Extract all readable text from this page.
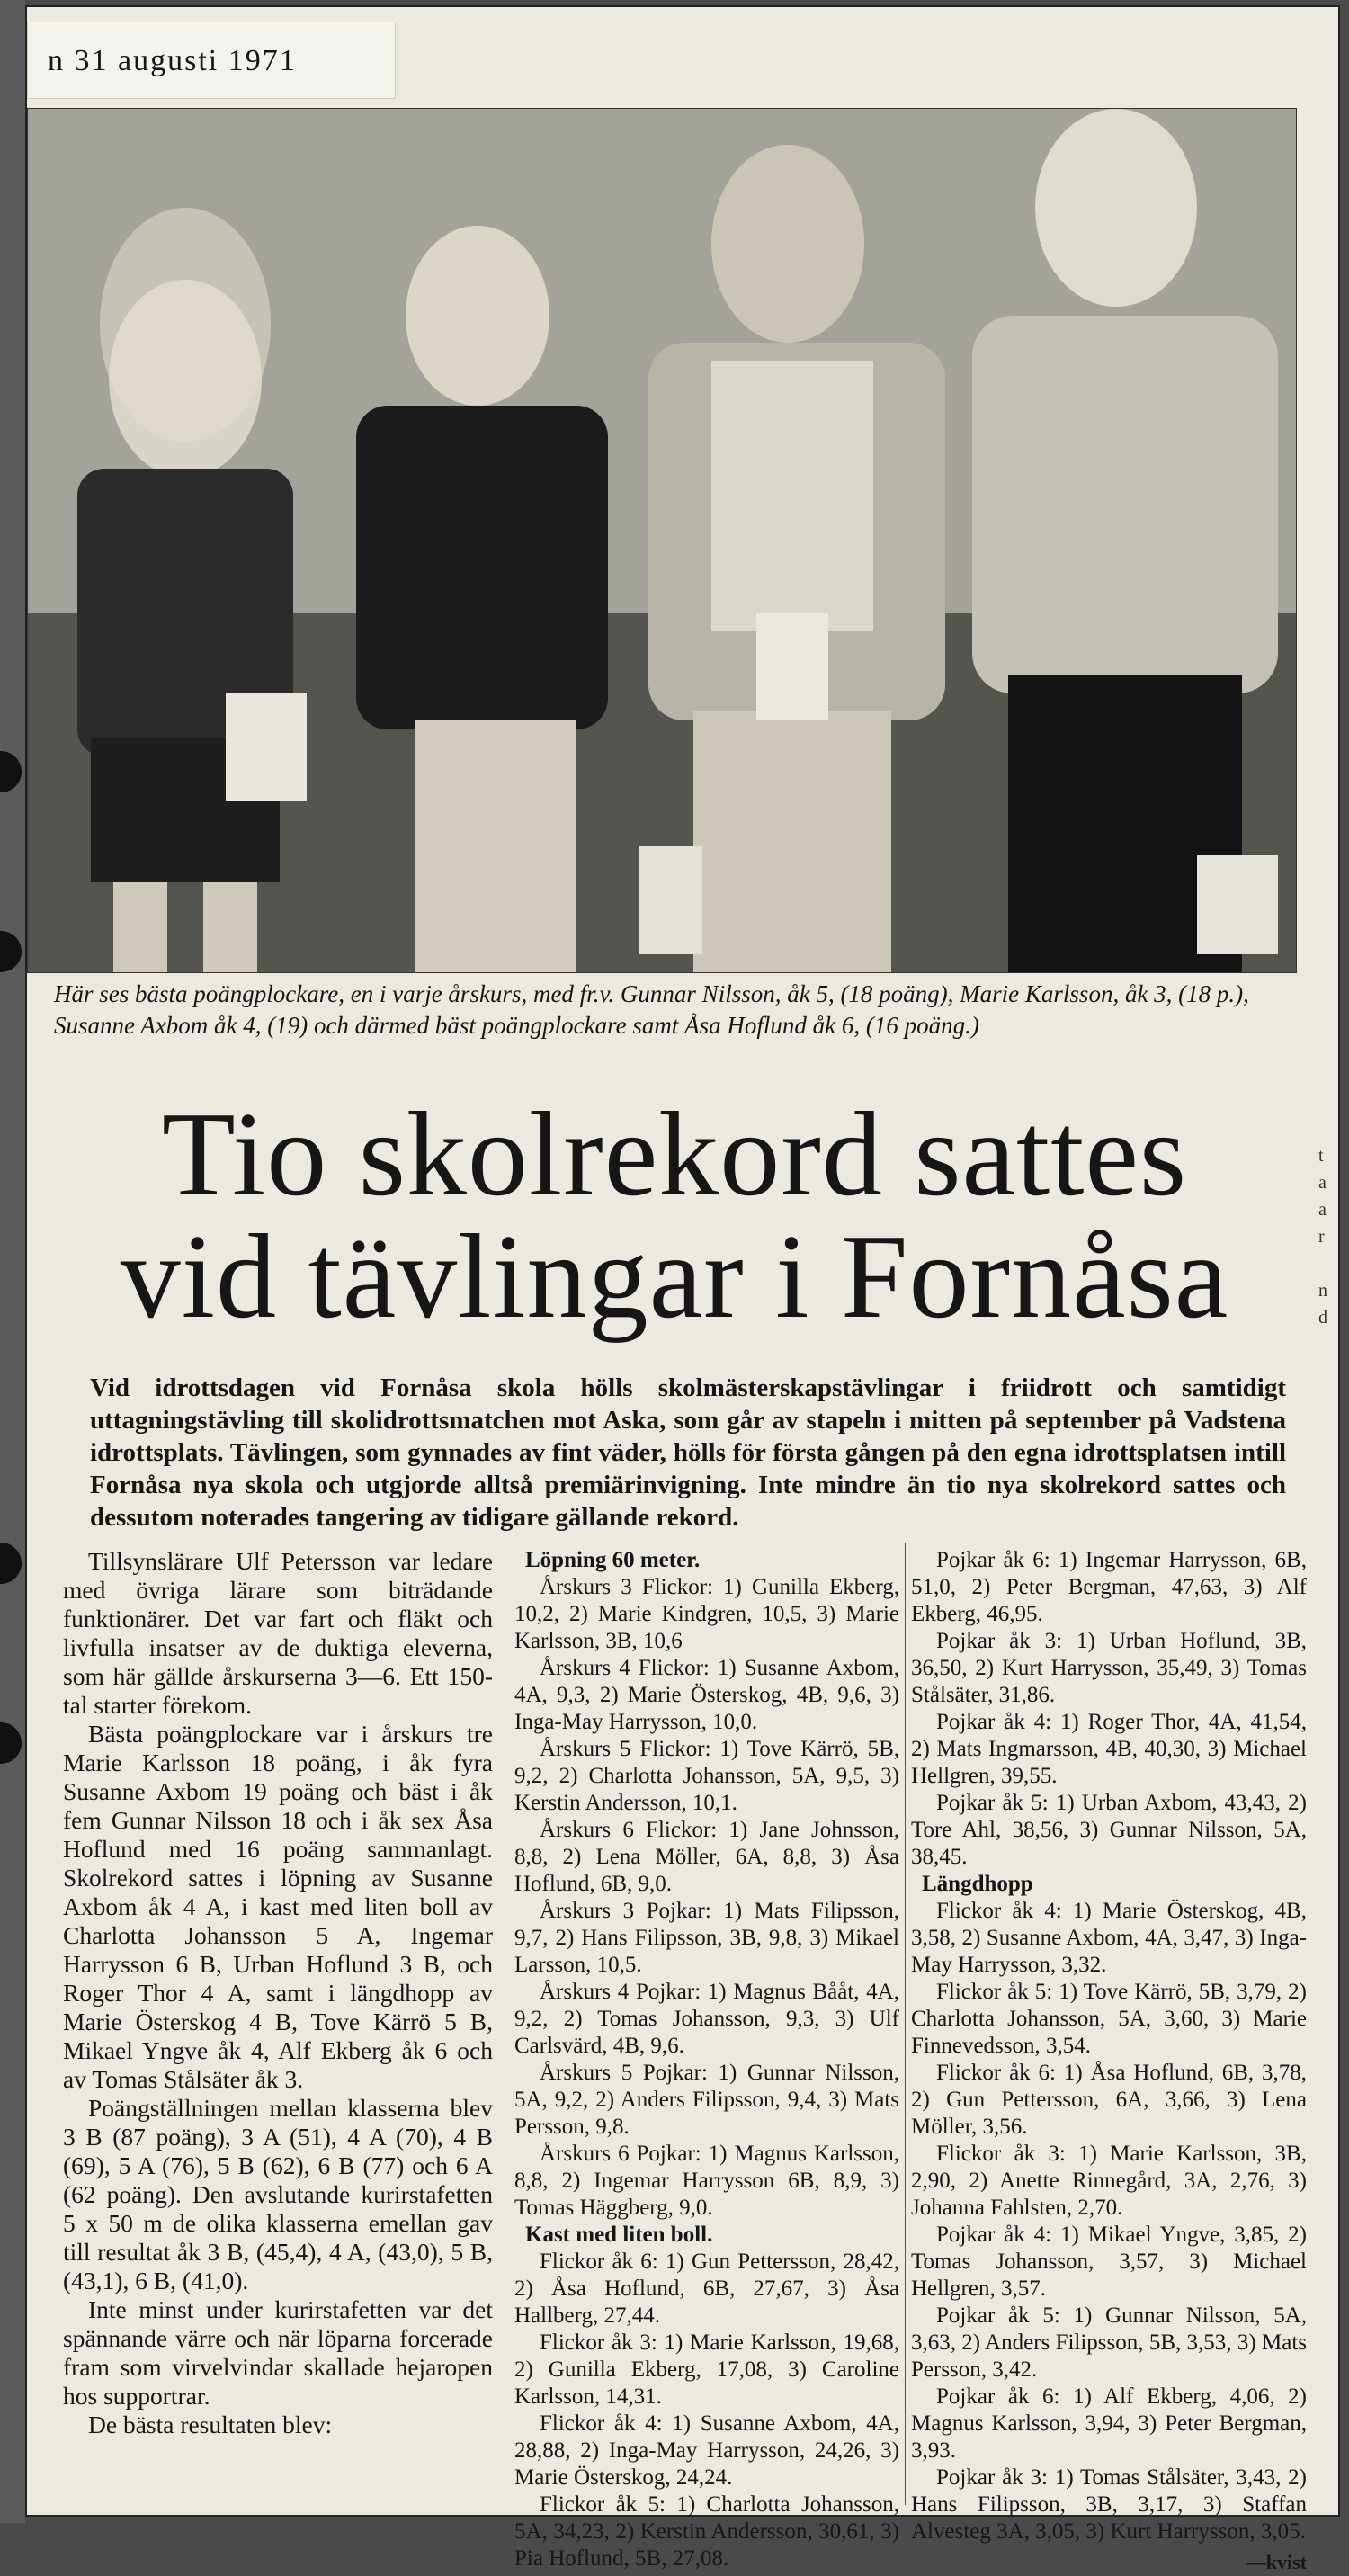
n 31 augusti 1971
Här ses bästa poängplockare, en i varje årskurs, med fr.v. Gunnar Nilsson, åk 5, (18 poäng), Marie Karlsson, åk 3, (18 p.), Susanne Axbom åk 4, (19) och därmed bäst poängplockare samt Åsa Hoflund åk 6, (16 poäng.)
Tio skolrekord sattes
vid tävlingar i Fornåsa
Vid idrottsdagen vid Fornåsa skola hölls skolmästerskapstävlingar i friidrott och samtidigt uttagningstävling till skolidrottsmatchen mot Aska, som går av stapeln i mitten på september på Vadstena idrottsplats. Tävlingen, som gynnades av fint väder, hölls för första gången på den egna idrottsplatsen intill Fornåsa nya skola och utgjorde alltså premiärinvigning. Inte mindre än tio nya skolrekord sattes och dessutom noterades tangering av tidigare gällande rekord.

Tillsynslärare Ulf Petersson var ledare med övriga lärare som biträdande funktionärer. Det var fart och fläkt och livfulla insatser av de duktiga eleverna, som här gällde årskurserna 3—6. Ett 150-tal starter förekom.

Bästa poängplockare var i årskurs tre Marie Karlsson 18 poäng, i åk fyra Susanne Axbom 19 poäng och bäst i åk fem Gunnar Nilsson 18 och i åk sex Åsa Hoflund med 16 poäng sammanlagt. Skolrekord sattes i löpning av Susanne Axbom åk 4 A, i kast med liten boll av Charlotta Johansson 5 A, Ingemar Harrysson 6 B, Urban Hoflund 3 B, och Roger Thor 4 A, samt i längdhopp av Marie Österskog 4 B, Tove Kärrö 5 B, Mikael Yngve åk 4, Alf Ekberg åk 6 och av Tomas Stålsäter åk 3.

Poängställningen mellan klasserna blev 3 B (87 poäng), 3 A (51), 4 A (70), 4 B (69), 5 A (76), 5 B (62), 6 B (77) och 6 A (62 poäng). Den avslutande kurirstafetten 5 x 50 m de olika klasserna emellan gav till resultat åk 3 B, (45,4), 4 A, (43,0), 5 B, (43,1), 6 B, (41,0).

Inte minst under kurirstafetten var det spännande värre och när löparna forcerade fram som virvelvindar skallade hejaropen hos supportrar.

De bästa resultaten blev:

Löpning 60 meter.

Årskurs 3 Flickor: 1) Gunilla Ekberg, 10,2, 2) Marie Kindgren, 10,5, 3) Marie Karlsson, 3B, 10,6

Årskurs 4 Flickor: 1) Susanne Axbom, 4A, 9,3, 2) Marie Österskog, 4B, 9,6, 3) Inga-May Harrysson, 10,0.

Årskurs 5 Flickor: 1) Tove Kärrö, 5B, 9,2, 2) Charlotta Johansson, 5A, 9,5, 3) Kerstin Andersson, 10,1.

Årskurs 6 Flickor: 1) Jane Johnsson, 8,8, 2) Lena Möller, 6A, 8,8, 3) Åsa Hoflund, 6B, 9,0.

Årskurs 3 Pojkar: 1) Mats Filipsson, 9,7, 2) Hans Filipsson, 3B, 9,8, 3) Mikael Larsson, 10,5.

Årskurs 4 Pojkar: 1) Magnus Bååt, 4A, 9,2, 2) Tomas Johansson, 9,3, 3) Ulf Carlsvärd, 4B, 9,6.

Årskurs 5 Pojkar: 1) Gunnar Nilsson, 5A, 9,2, 2) Anders Filipsson, 9,4, 3) Mats Persson, 9,8.

Årskurs 6 Pojkar: 1) Magnus Karlsson, 8,8, 2) Ingemar Harrysson 6B, 8,9, 3) Tomas Häggberg, 9,0.

Kast med liten boll.

Flickor åk 6: 1) Gun Pettersson, 28,42, 2) Åsa Hoflund, 6B, 27,67, 3) Åsa Hallberg, 27,44.

Flickor åk 3: 1) Marie Karlsson, 19,68, 2) Gunilla Ekberg, 17,08, 3) Caroline Karlsson, 14,31.

Flickor åk 4: 1) Susanne Axbom, 4A, 28,88, 2) Inga-May Harrysson, 24,26, 3) Marie Österskog, 24,24.

Flickor åk 5: 1) Charlotta Johansson, 5A, 34,23, 2) Kerstin Andersson, 30,61, 3) Pia Hoflund, 5B, 27,08.

Pojkar åk 6: 1) Ingemar Harrysson, 6B, 51,0, 2) Peter Bergman, 47,63, 3) Alf Ekberg, 46,95.

Pojkar åk 3: 1) Urban Hoflund, 3B, 36,50, 2) Kurt Harrysson, 35,49, 3) Tomas Stålsäter, 31,86.

Pojkar åk 4: 1) Roger Thor, 4A, 41,54, 2) Mats Ingmarsson, 4B, 40,30, 3) Michael Hellgren, 39,55.

Pojkar åk 5: 1) Urban Axbom, 43,43, 2) Tore Ahl, 38,56, 3) Gunnar Nilsson, 5A, 38,45.

Längdhopp

Flickor åk 4: 1) Marie Österskog, 4B, 3,58, 2) Susanne Axbom, 4A, 3,47, 3) Inga-May Harrysson, 3,32.

Flickor åk 5: 1) Tove Kärrö, 5B, 3,79, 2) Charlotta Johansson, 5A, 3,60, 3) Marie Finnevedsson, 3,54.

Flickor åk 6: 1) Åsa Hoflund, 6B, 3,78, 2) Gun Pettersson, 6A, 3,66, 3) Lena Möller, 3,56.

Flickor åk 3: 1) Marie Karlsson, 3B, 2,90, 2) Anette Rinnegård, 3A, 2,76, 3) Johanna Fahlsten, 2,70.

Pojkar åk 4: 1) Mikael Yngve, 3,85, 2) Tomas Johansson, 3,57, 3) Michael Hellgren, 3,57.

Pojkar åk 5: 1) Gunnar Nilsson, 5A, 3,63, 2) Anders Filipsson, 5B, 3,53, 3) Mats Persson, 3,42.

Pojkar åk 6: 1) Alf Ekberg, 4,06, 2) Magnus Karlsson, 3,94, 3) Peter Bergman, 3,93.

Pojkar åk 3: 1) Tomas Stålsäter, 3,43, 2) Hans Filipsson, 3B, 3,17, 3) Staffan Alvesteg 3A, 3,05, 3) Kurt Harrysson, 3,05.

—kvist
t
a
a
r

n
d
